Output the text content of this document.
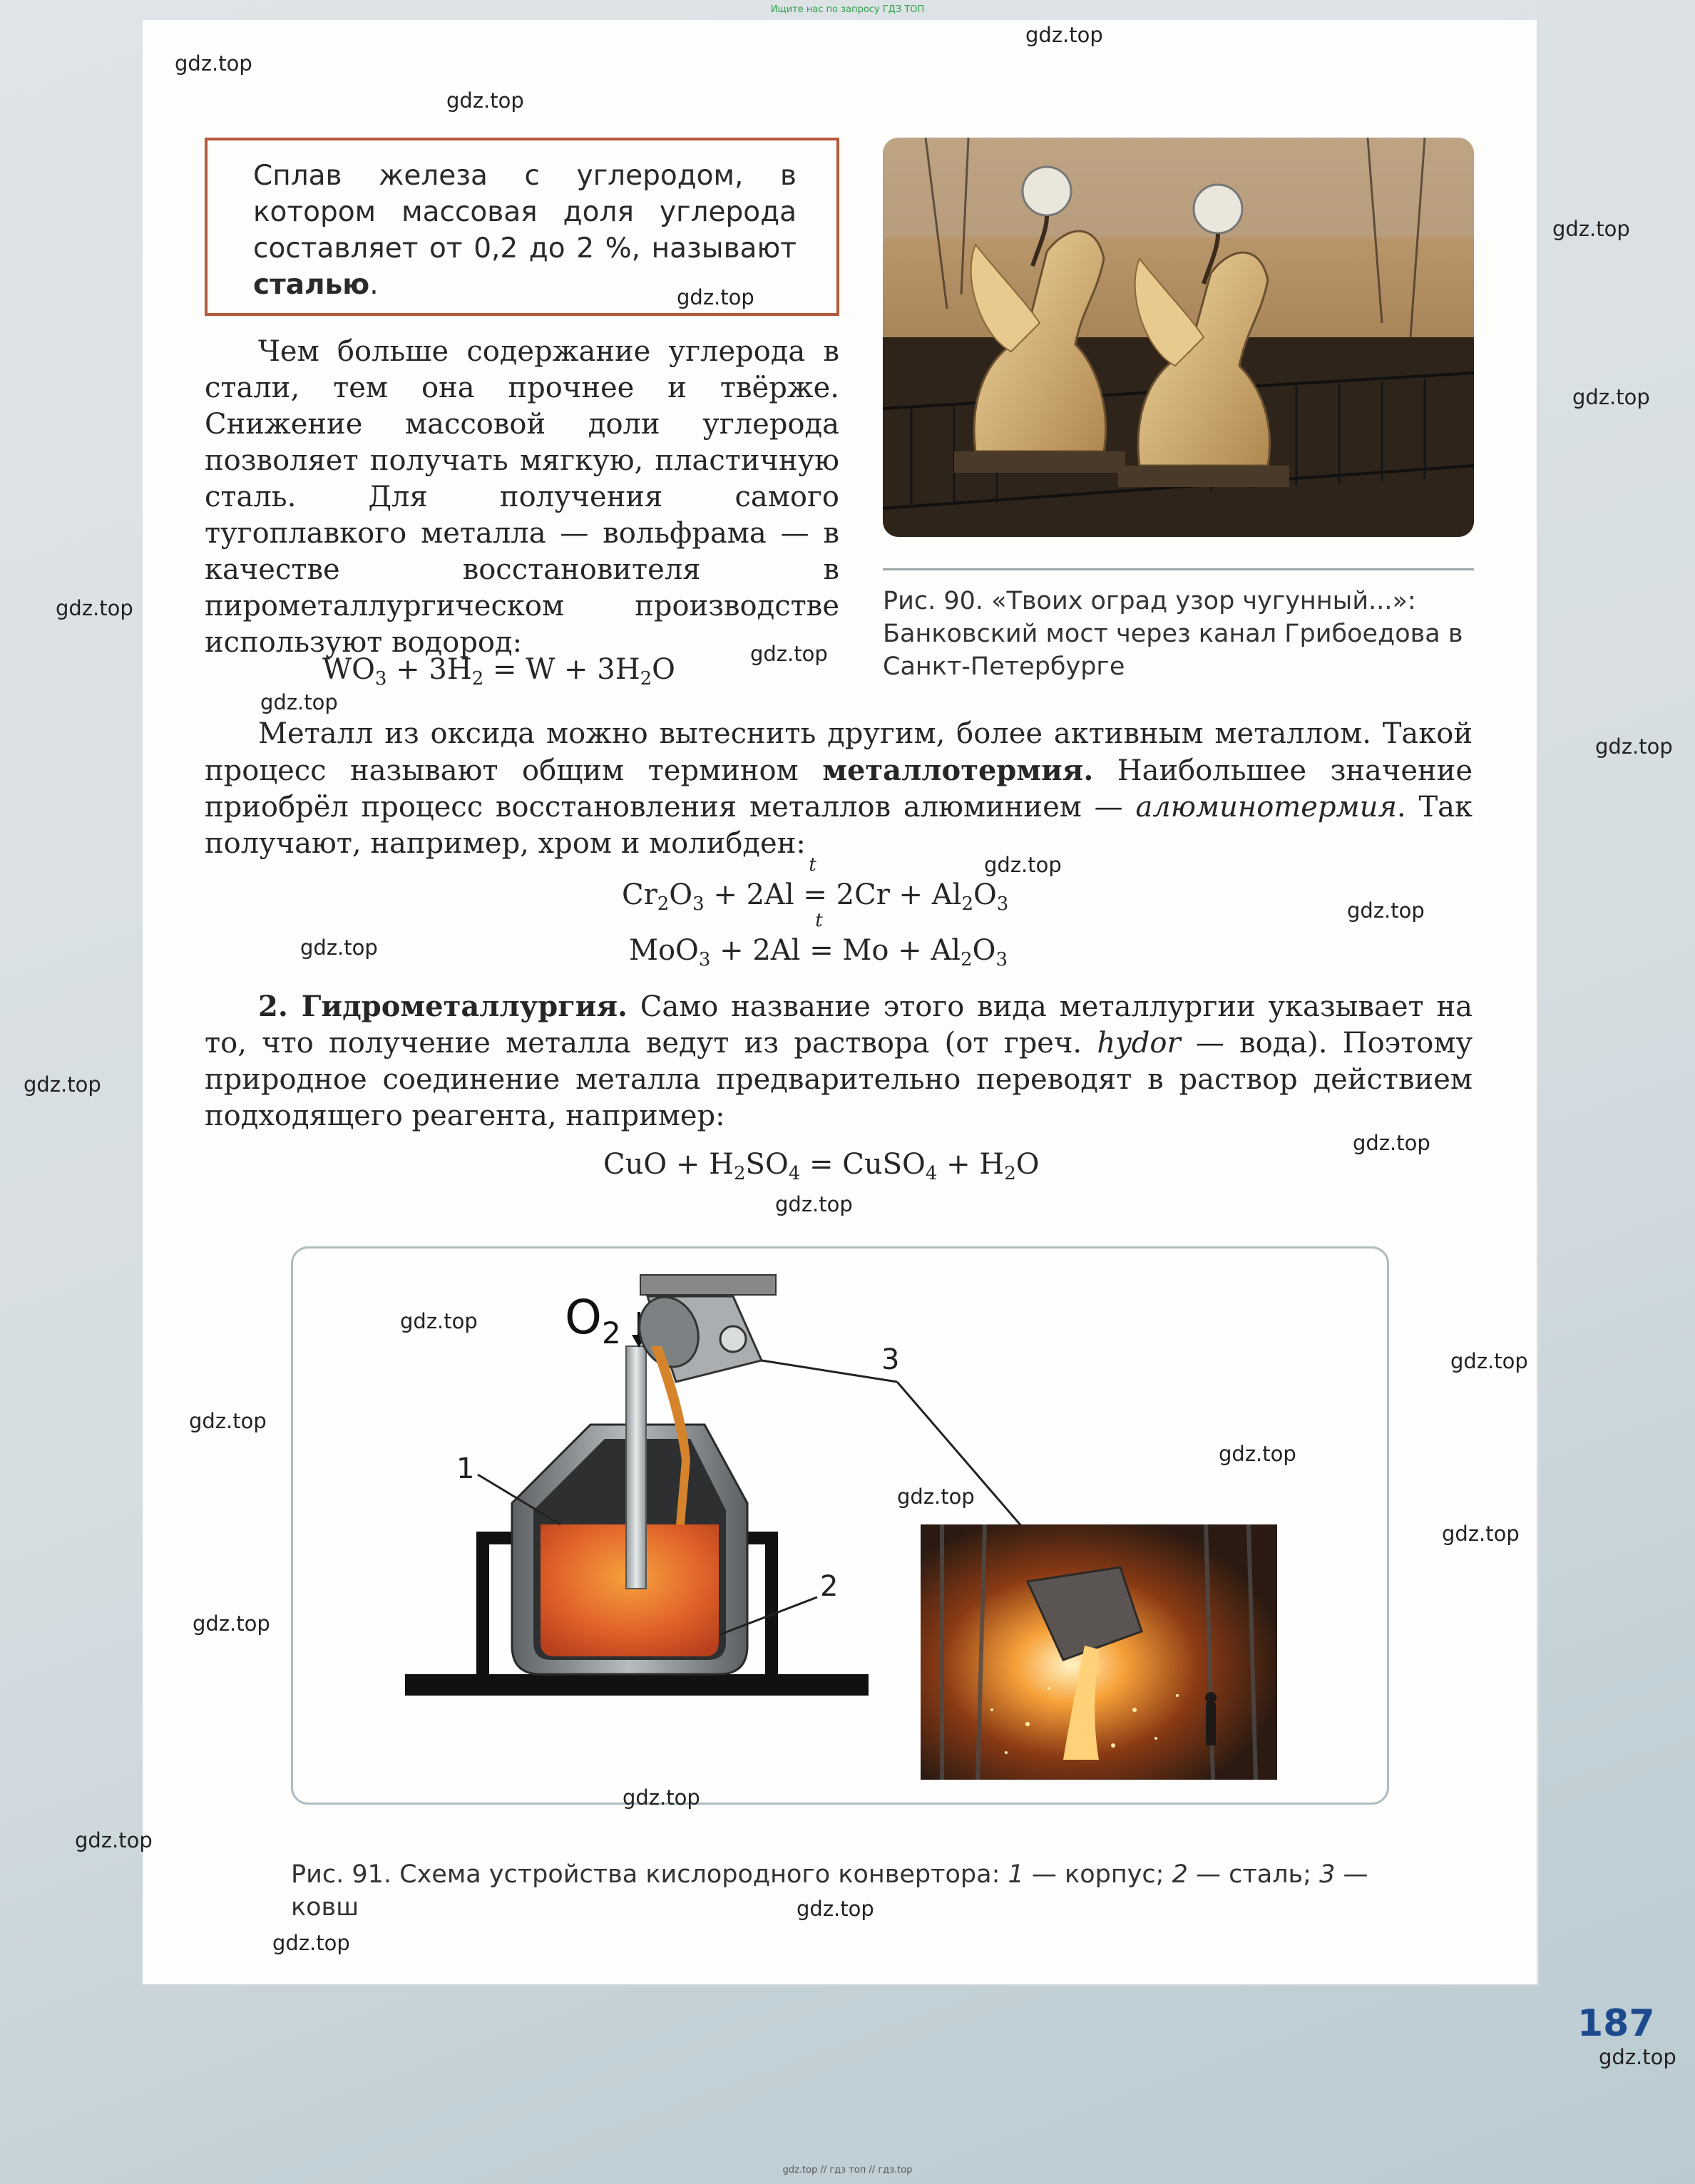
Ищите нас по запросу ГДЗ ТОП
Сплав железа с углеродом, в котором массовая доля углерода составляет от 0,2 до 2 %, называют сталью.
Чем больше содержание углерода в стали, тем она прочнее и твёрже. Снижение массовой доли углерода позволяет получать мягкую, пластичную сталь. Для получения самого тугоплавкого металла — вольфрама — в качестве восстановителя в пирометаллургическом производстве используют водород:
$WO_3 + 3H_2 = W + 3H_2O$
Рис. 90. «Твоих оград узор чугунный...»: Банковский мост через канал Грибоедова в Санкт-Петербурге
Металл из оксида можно вытеснить другим, более активным металлом. Такой процесс называют общим термином металлотермия. Наибольшее значение приобрёл процесс восстановления металлов алюминием — алюминотермия. Так получают, например, хром и молибден:
$Cr_2O_3 + 2Al$
t
= $2Cr + Al_2O_3$
MoO$_3$ + 2Al
t
= $Mo + Al_2O_3$
2. Гидрометаллургия. Само название этого вида металлургии указывает на то, что получение металла ведут из раствора (от греч. hydor — вода). Поэтому природное соединение металла предварительно переводят в раствор действием подходящего реагента, например:
CuO + $H_2SO_4$ = CuSO$_4$ + $H_2O$
$O_2$
1
2
3
Рис. 91. Схема устройства кислородного конвертора: 1 — корпус; 2 — сталь; 3 — ковш
187
gdz.top
gdz.top
gdz.top
gdz.top
gdz.top
gdz.top
gdz.top
gdz.top
gdz.top
gdz.top
gdz.top
gdz.top
gdz.top
gdz.top
gdz.top
gdz.top
gdz.top
gdz.top
gdz.top
gdz.top
gdz.top
gdz.top
gdz.top
gdz.top
gdz.top
gdz.top
gdz.top
gdz.top
gdz.top // гдз топ // гдз.top
